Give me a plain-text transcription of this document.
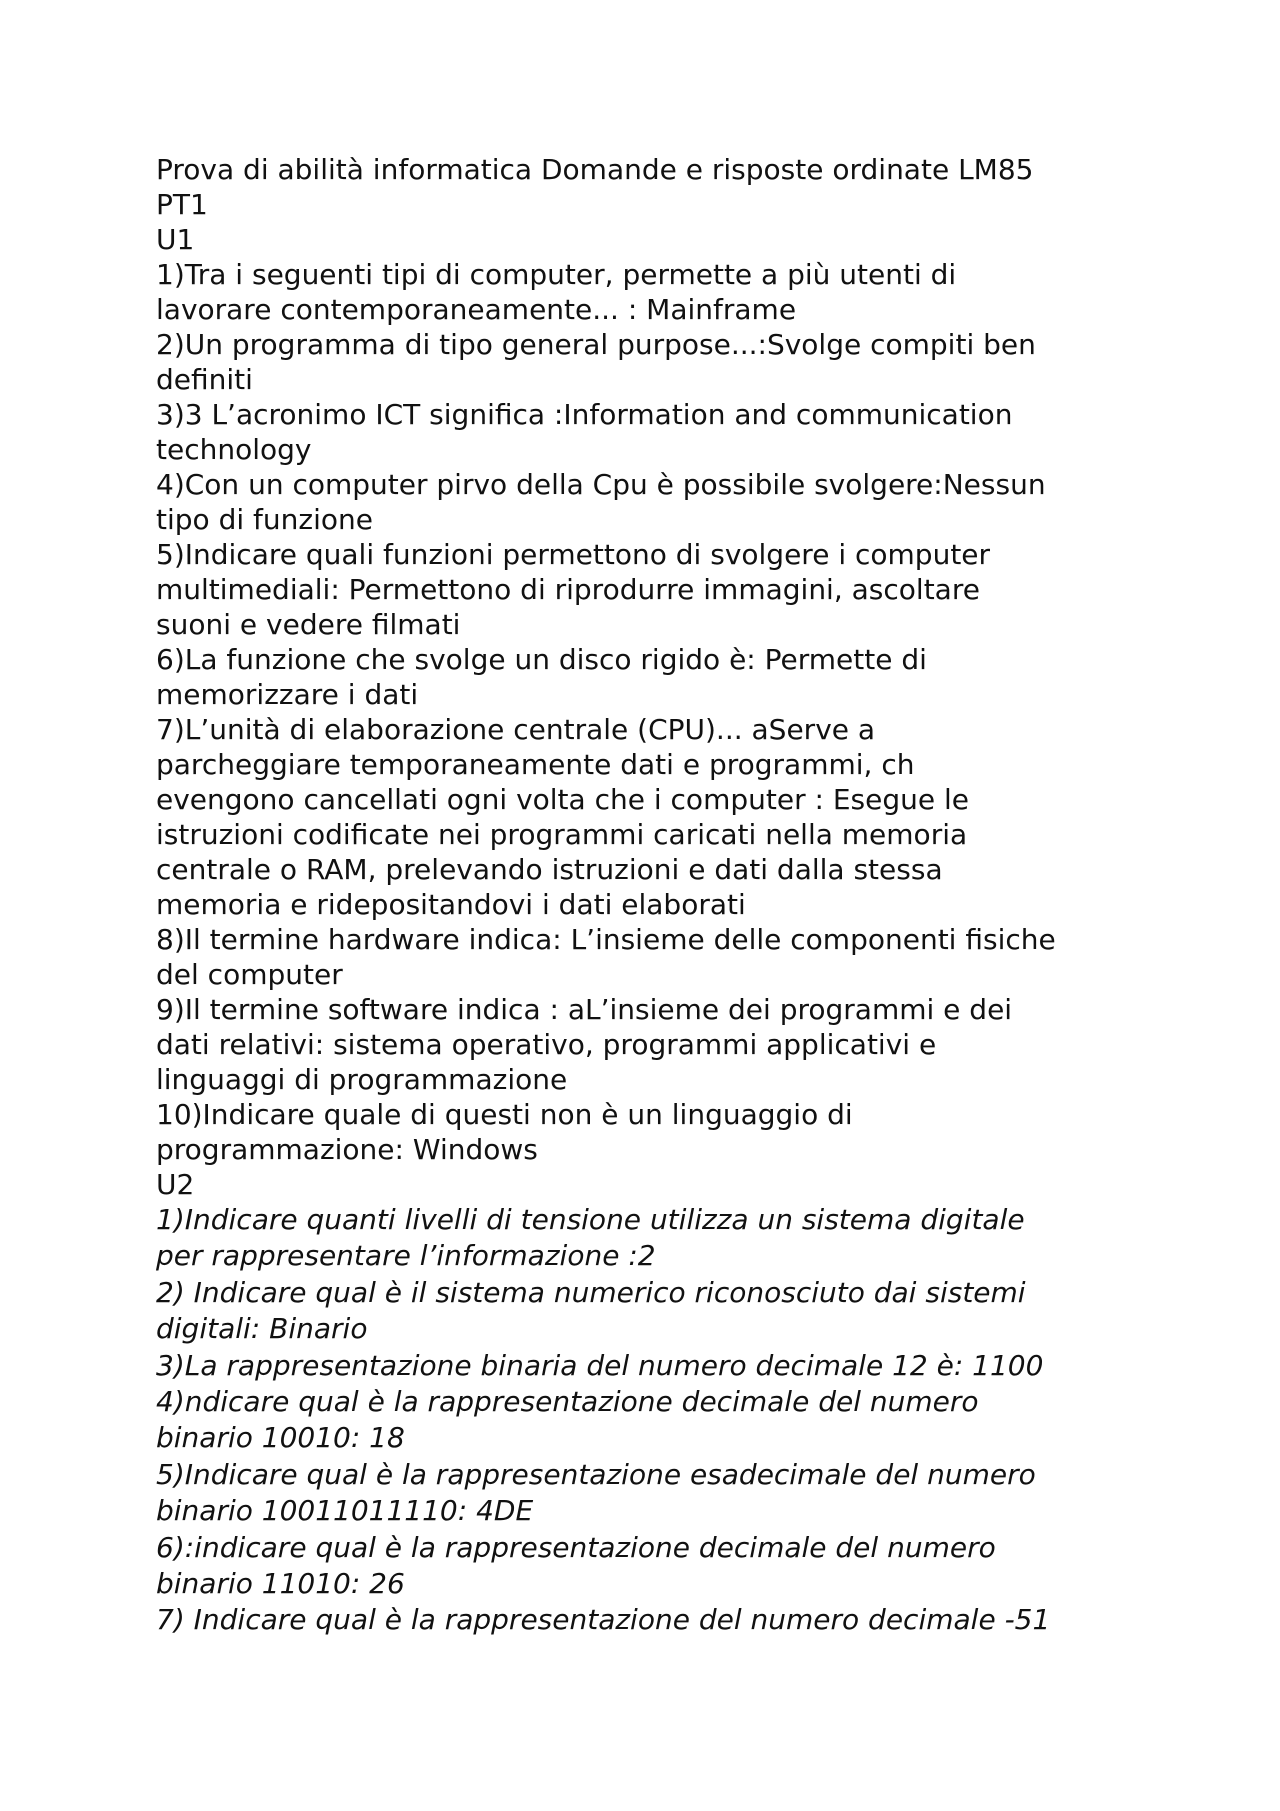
Prova di abilità informatica Domande e risposte ordinate LM85
PT1
U1
1)Tra i seguenti tipi di computer, permette a più utenti di
lavorare contemporaneamente... : Mainframe
2)Un programma di tipo general purpose...:Svolge compiti ben
definiti
3)3 L’acronimo ICT significa :Information and communication
technology
4)Con un computer pirvo della Cpu è possibile svolgere:Nessun
tipo di funzione
5)Indicare quali funzioni permettono di svolgere i computer
multimediali: Permettono di riprodurre immagini, ascoltare
suoni e vedere filmati
6)La funzione che svolge un disco rigido è: Permette di
memorizzare i dati
7)L’unità di elaborazione centrale (CPU)... aServe a
parcheggiare temporaneamente dati e programmi, ch
evengono cancellati ogni volta che i computer : Esegue le
istruzioni codificate nei programmi caricati nella memoria
centrale o RAM, prelevando istruzioni e dati dalla stessa
memoria e ridepositandovi i dati elaborati
8)Il termine hardware indica: L’insieme delle componenti fisiche
del computer
9)Il termine software indica : aL’insieme dei programmi e dei
dati relativi: sistema operativo, programmi applicativi e
linguaggi di programmazione
10)Indicare quale di questi non è un linguaggio di
programmazione: Windows
U2
1)Indicare quanti livelli di tensione utilizza un sistema digitale
per rappresentare l’informazione :2
2) Indicare qual è il sistema numerico riconosciuto dai sistemi
digitali: Binario
3)La rappresentazione binaria del numero decimale 12 è: 1100
4)ndicare qual è la rappresentazione decimale del numero
binario 10010: 18
5)Indicare qual è la rappresentazione esadecimale del numero
binario 10011011110: 4DE
6):indicare qual è la rappresentazione decimale del numero
binario 11010: 26
7) Indicare qual è la rappresentazione del numero decimale -51
